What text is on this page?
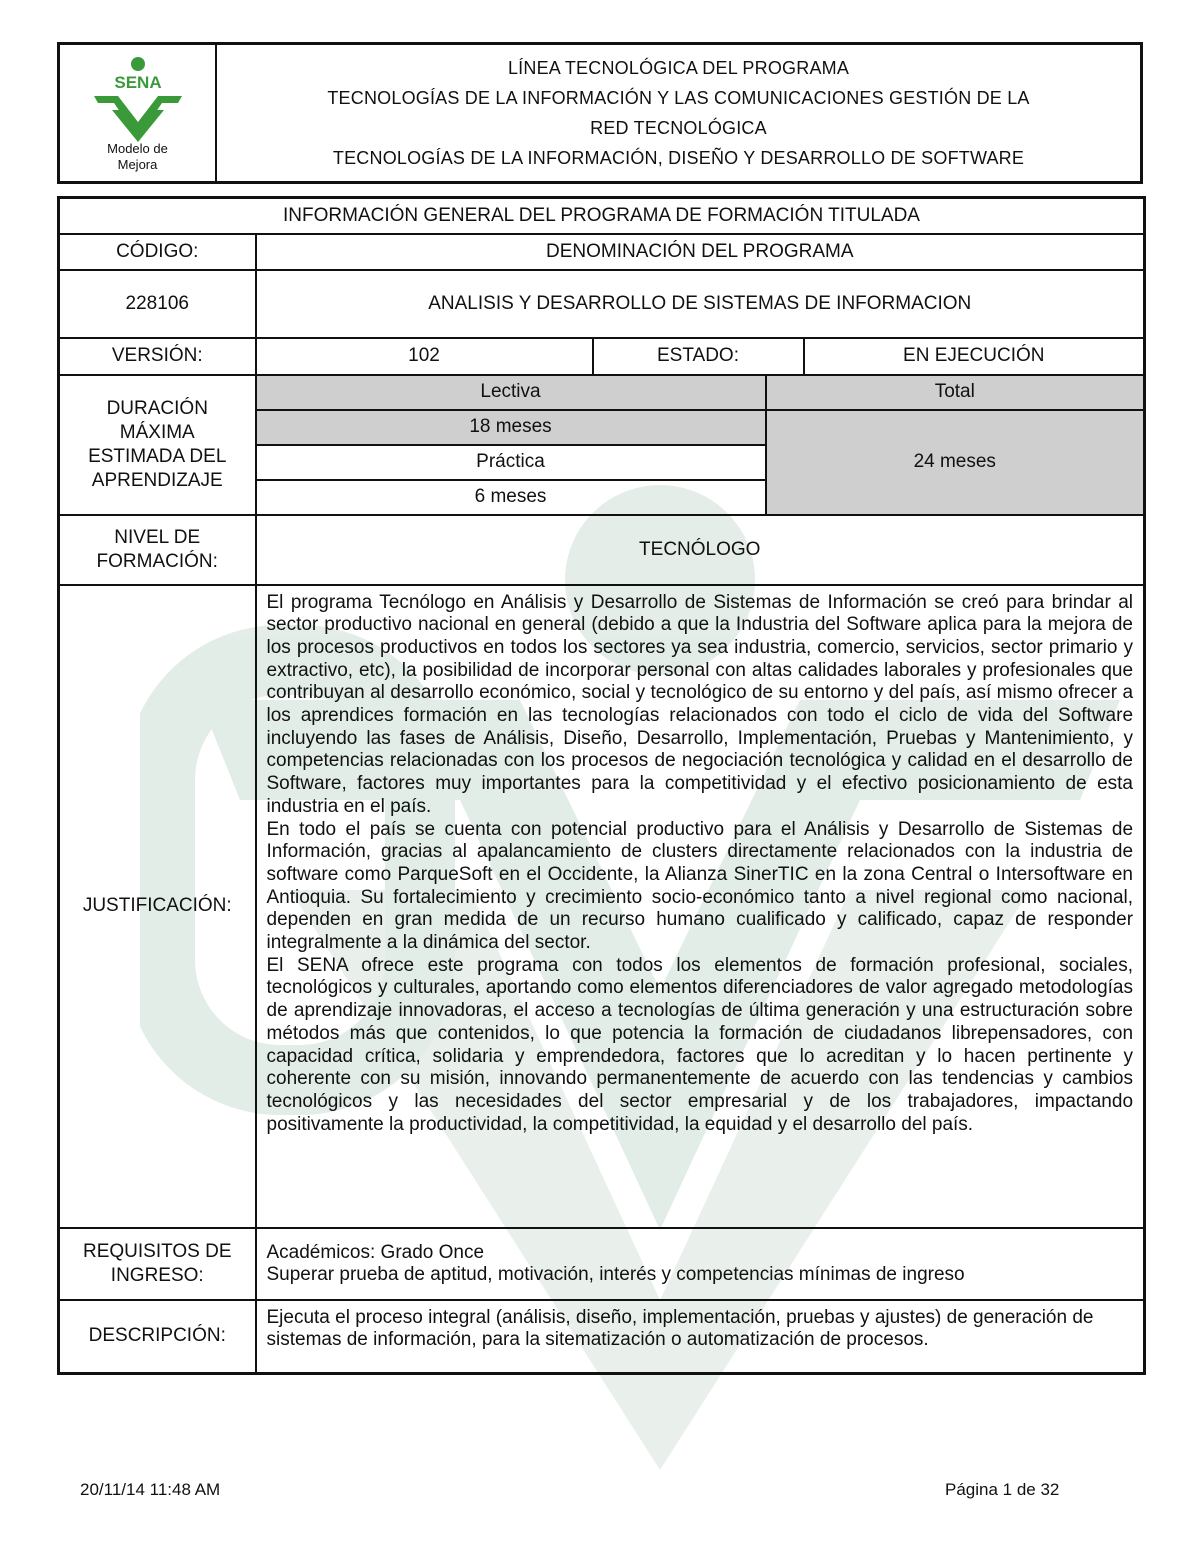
SENA
Modelo de Mejora

LÍNEA TECNOLÓGICA DEL PROGRAMA
TECNOLOGÍAS DE LA INFORMACIÓN Y LAS COMUNICACIONES GESTIÓN DE LA
RED TECNOLÓGICA
TECNOLOGÍAS DE LA INFORMACIÓN, DISEÑO Y DESARROLLO DE SOFTWARE
INFORMACIÓN GENERAL DEL PROGRAMA DE FORMACIÓN TITULADA				
CÓDIGO:	DENOMINACIÓN DEL PROGRAMA			
228106	ANALISIS Y DESARROLLO DE SISTEMAS DE INFORMACION			
VERSIÓN:	102	ESTADO:		EN EJECUCIÓN

DURACIÓN MÁXIMA ESTIMADA DEL APRENDIZAJE	Lectiva		Total	
	18 meses		24 meses	
	Práctica			
	6 meses			

NIVEL DE FORMACIÓN:	TECNÓLOGO			
JUSTIFICACIÓN:	El programa Tecnólogo en Análisis y Desarrollo de Sistemas de Información se creó para brindar al sector productivo nacional en general (debido a que la Industria del Software aplica para la mejora de los procesos productivos en todos los sectores ya sea industria, comercio, servicios, sector primario y extractivo, etc), la posibilidad de incorporar personal con altas calidades laborales y profesionales que contribuyan al desarrollo económico, social y tecnológico de su entorno y del país, así mismo ofrecer a los aprendices formación en las tecnologías relacionados con todo el ciclo de vida del Software incluyendo las fases de Análisis, Diseño, Desarrollo, Implementación, Pruebas y Mantenimiento, y competencias relacionadas con los procesos de negociación tecnológica y calidad en el desarrollo de Software, factores muy importantes para la competitividad y el efectivo posicionamiento de esta industria en el país.

En todo el país se cuenta con potencial productivo para el Análisis y Desarrollo de Sistemas de Información, gracias al apalancamiento de clusters directamente relacionados con la industria de software como ParqueSoft en el Occidente, la Alianza SinerTIC en la zona Central o Intersoftware en Antioquia. Su fortalecimiento y crecimiento socio-económico tanto a nivel regional como nacional, dependen en gran medida de un recurso humano cualificado y calificado, capaz de responder integralmente a la dinámica del sector.

El SENA ofrece este programa con todos los elementos de formación profesional, sociales, tecnológicos y culturales, aportando como elementos diferenciadores de valor agregado metodologías de aprendizaje innovadoras, el acceso a tecnologías de última generación y una estructuración sobre métodos más que contenidos, lo que potencia la formación de ciudadanos librepensadores, con capacidad crítica, solidaria y emprendedora, factores que lo acreditan y lo hacen pertinente y coherente con su misión, innovando permanentemente de acuerdo con las tendencias y cambios tecnológicos y las necesidades del sector empresarial y de los trabajadores, impactando positivamente la productividad, la competitividad, la equidad y el desarrollo del país.			

REQUISITOS DE INGRESO:	Académicos: Grado Once
Superar prueba de aptitud, motivación, interés y competencias mínimas de ingreso			

DESCRIPCIÓN:	Ejecuta el proceso integral (análisis, diseño, implementación, pruebas y ajustes) de generación de sistemas de información, para la sitematización o automatización de procesos.			
20/11/14 11:48 AM	Página 1 de 32
